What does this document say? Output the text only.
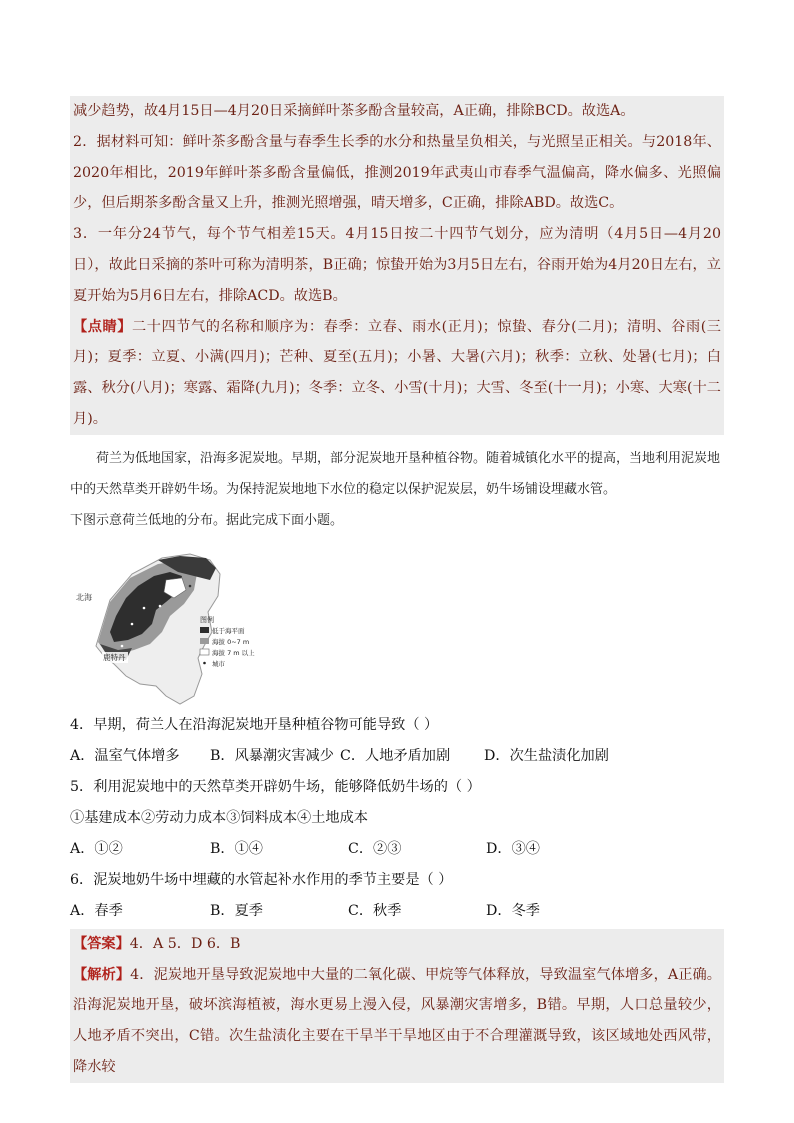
减少趋势，故4月15日—4月20日采摘鲜叶茶多酚含量较高，A正确，排除BCD。故选A。

2．据材料可知：鲜叶茶多酚含量与春季生长季的水分和热量呈负相关，与光照呈正相关。与2018年、2020年相比，2019年鲜叶茶多酚含量偏低，推测2019年武夷山市春季气温偏高，降水偏多、光照偏少，但后期茶多酚含量又上升，推测光照增强，晴天增多，C正确，排除ABD。故选C。

3．一年分24节气，每个节气相差15天。4月15日按二十四节气划分，应为清明（4月5日—4月20日），故此日采摘的茶叶可称为清明茶，B正确；惊蛰开始为3月5日左右，谷雨开始为4月20日左右，立夏开始为5月6日左右，排除ACD。故选B。

【点睛】二十四节气的名称和顺序为：春季：立春、雨水(正月)；惊蛰、春分(二月)；清明、谷雨(三月)；夏季：立夏、小满(四月)；芒种、夏至(五月)；小暑、大暑(六月)；秋季：立秋、处暑(七月)；白露、秋分(八月)；寒露、霜降(九月)；冬季：立冬、小雪(十月)；大雪、冬至(十一月)；小寒、大寒(十二月)。

荷兰为低地国家，沿海多泥炭地。早期，部分泥炭地开垦种植谷物。随着城镇化水平的提高，当地利用泥炭地中的天然草类开辟奶牛场。为保持泥炭地地下水位的稳定以保护泥炭层，奶牛场铺设埋藏水管。

下图示意荷兰低地的分布。据此完成下面小题。

北海
鹿特丹
图例
低于海平面
海拔 0~7 m
海拔 7 m 以上
城市

4．早期，荷兰人在沿海泥炭地开垦种植谷物可能导致（ ）

A．温室气体增多	B．风暴潮灾害减少 C．人地矛盾加剧	D．次生盐渍化加剧

5．利用泥炭地中的天然草类开辟奶牛场，能够降低奶牛场的（ ）

①基建成本②劳动力成本③饲料成本④土地成本

A．①②	B．①④	C．②③	D．③④

6．泥炭地奶牛场中埋藏的水管起补水作用的季节主要是（ ）

A．春季	B．夏季	C．秋季	D．冬季

【答案】4．A 5．D 6．B

【解析】4．泥炭地开垦导致泥炭地中大量的二氧化碳、甲烷等气体释放，导致温室气体增多，A正确。沿海泥炭地开垦，破坏滨海植被，海水更易上漫入侵，风暴潮灾害增多，B错。早期，人口总量较少，人地矛盾不突出，C错。次生盐渍化主要在干旱半干旱地区由于不合理灌溉导致，该区域地处西风带，降水较
